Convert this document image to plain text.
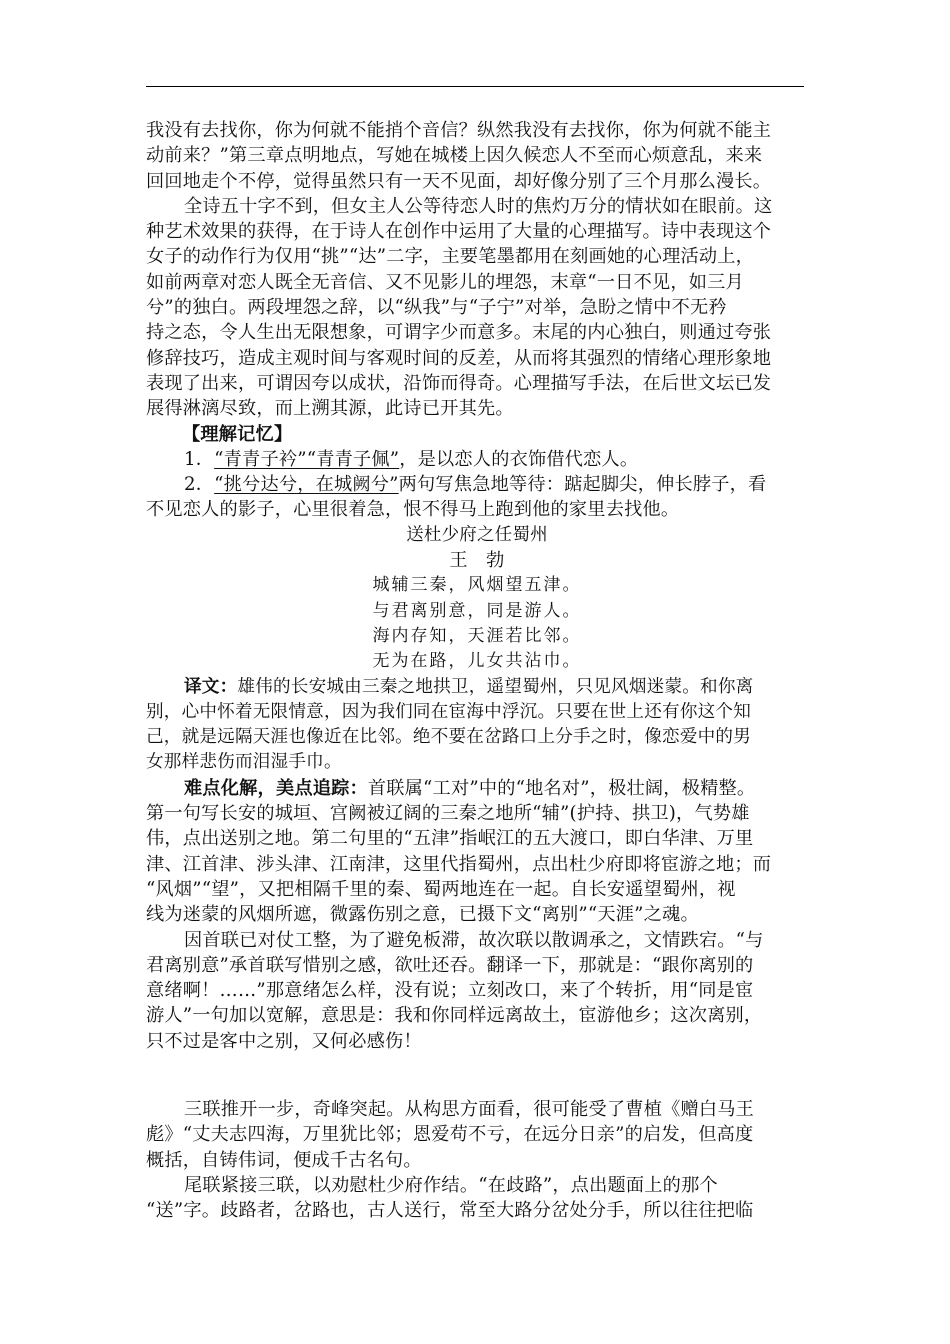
我没有去找你，你为何就不能捎个音信？纵然我没有去找你，你为何就不能主
动前来？”第三章点明地点，写她在城楼上因久候恋人不至而心烦意乱，来来
回回地走个不停，觉得虽然只有一天不见面，却好像分别了三个月那么漫长。
全诗五十字不到，但女主人公等待恋人时的焦灼万分的情状如在眼前。这
种艺术效果的获得，在于诗人在创作中运用了大量的心理描写。诗中表现这个
女子的动作行为仅用“挑”“达”二字，主要笔墨都用在刻画她的心理活动上，
如前两章对恋人既全无音信、又不见影儿的埋怨，末章“一日不见，如三月
兮”的独白。两段埋怨之辞，以“纵我”与“子宁”对举，急盼之情中不无矜
持之态，令人生出无限想象，可谓字少而意多。末尾的内心独白，则通过夸张
修辞技巧，造成主观时间与客观时间的反差，从而将其强烈的情绪心理形象地
表现了出来，可谓因夸以成状，沿饰而得奇。心理描写手法，在后世文坛已发
展得淋漓尽致，而上溯其源，此诗已开其先。
【理解记忆】
1．“青青子衿”“青青子佩”，是以恋人的衣饰借代恋人。
2．“挑兮达兮，在城阙兮”两句写焦急地等待：踮起脚尖，伸长脖子，看
不见恋人的影子，心里很着急，恨不得马上跑到他的家里去找他。
送杜少府之任蜀州
王　勃
城辅三秦，风烟望五津。
与君离别意，同是游人。
海内存知，天涯若比邻。
无为在路，儿女共沾巾。
译文：雄伟的长安城由三秦之地拱卫，遥望蜀州，只见风烟迷蒙。和你离
别，心中怀着无限情意，因为我们同在宦海中浮沉。只要在世上还有你这个知
己，就是远隔天涯也像近在比邻。绝不要在岔路口上分手之时，像恋爱中的男
女那样悲伤而泪湿手巾。
难点化解，美点追踪：首联属“工对”中的“地名对”，极壮阔，极精整。
第一句写长安的城垣、宫阙被辽阔的三秦之地所“辅”(护持、拱卫)，气势雄
伟，点出送别之地。第二句里的“五津”指岷江的五大渡口，即白华津、万里
津、江首津、涉头津、江南津，这里代指蜀州，点出杜少府即将宦游之地；而
“风烟”“望”，又把相隔千里的秦、蜀两地连在一起。自长安遥望蜀州，视
线为迷蒙的风烟所遮，微露伤别之意，已摄下文“离别”“天涯”之魂。
因首联已对仗工整，为了避免板滞，故次联以散调承之，文情跌宕。“与
君离别意”承首联写惜别之感，欲吐还吞。翻译一下，那就是：“跟你离别的
意绪啊！……”那意绪怎么样，没有说；立刻改口，来了个转折，用“同是宦
游人”一句加以宽解，意思是：我和你同样远离故土，宦游他乡；这次离别，
只不过是客中之别，又何必感伤！
三联推开一步，奇峰突起。从构思方面看，很可能受了曹植《赠白马王
彪》“丈夫志四海，万里犹比邻；恩爱苟不亏，在远分日亲”的启发，但高度
概括，自铸伟词，便成千古名句。
尾联紧接三联，以劝慰杜少府作结。“在歧路”，点出题面上的那个
“送”字。歧路者，岔路也，古人送行，常至大路分岔处分手，所以往往把临
